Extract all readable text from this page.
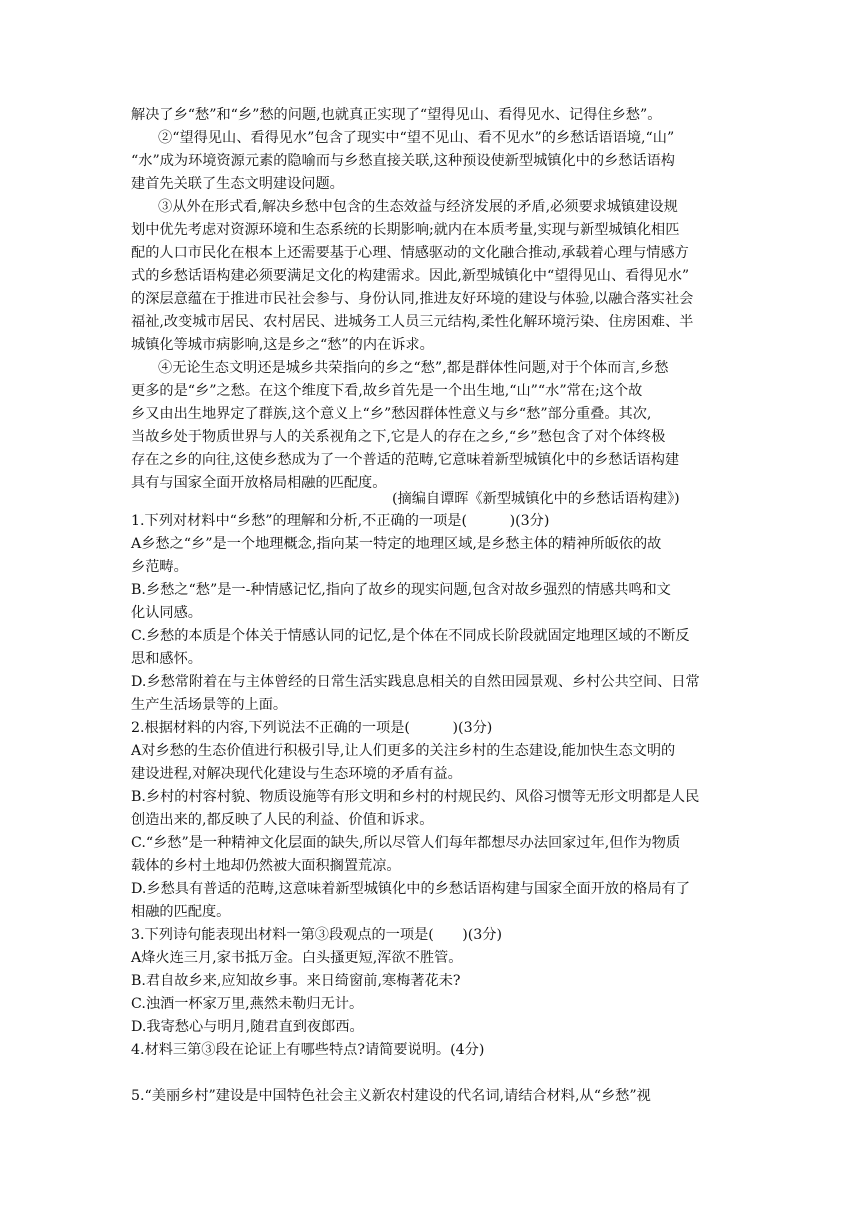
解决了乡“愁”和“乡”愁的问题,也就真正实现了“望得见山、看得见水、记得住乡愁”。
②“望得见山、看得见水”包含了现实中“望不见山、看不见水”的乡愁话语语境,“山”
“水”成为环境资源元素的隐喻而与乡愁直接关联,这种预设使新型城镇化中的乡愁话语构
建首先关联了生态文明建设问题。
③从外在形式看,解决乡愁中包含的生态效益与经济发展的矛盾,必须要求城镇建设规
划中优先考虑对资源环境和生态系统的长期影响;就内在本质考量,实现与新型城镇化相匹
配的人口市民化在根本上还需要基于心理、情感驱动的文化融合推动,承载着心理与情感方
式的乡愁话语构建必须要满足文化的构建需求。因此,新型城镇化中“望得见山、看得见水”
的深层意蕴在于推进市民社会参与、身份认同,推进友好环境的建设与体验,以融合落实社会
福祉,改变城市居民、农村居民、进城务工人员三元结构,柔性化解环境污染、住房困难、半
城镇化等城市病影响,这是乡之“愁”的内在诉求。
④无论生态文明还是城乡共荣指向的乡之“愁”,都是群体性问题,对于个体而言,乡愁
更多的是“乡”之愁。在这个维度下看,故乡首先是一个出生地,“山”“水”常在;这个故
乡又由出生地界定了群族,这个意义上“乡”愁因群体性意义与乡“愁”部分重叠。其次,
当故乡处于物质世界与人的关系视角之下,它是人的存在之乡,“乡”愁包含了对个体终极
存在之乡的向往,这使乡愁成为了一个普适的范畴,它意味着新型城镇化中的乡愁话语构建
具有与国家全面开放格局相融的匹配度。
(摘编自谭晖《新型城镇化中的乡愁话语构建》)
1.下列对材料中“乡愁”的理解和分析,不正确的一项是(　　　)(3分)
A乡愁之“乡”是一个地理概念,指向某一特定的地理区域,是乡愁主体的精神所皈依的故
乡范畴。
B.乡愁之“愁”是一-种情感记忆,指向了故乡的现实问题,包含对故乡强烈的情感共鸣和文
化认同感。
C.乡愁的本质是个体关于情感认同的记忆,是个体在不同成长阶段就固定地理区域的不断反
思和感怀。
D.乡愁常附着在与主体曾经的日常生活实践息息相关的自然田园景观、乡村公共空间、日常
生产生活场景等的上面。
2.根据材料的内容,下列说法不正确的一项是(　　　)(3分)
A对乡愁的生态价值进行积极引导,让人们更多的关注乡村的生态建设,能加快生态文明的
建设进程,对解决现代化建设与生态环境的矛盾有益。
B.乡村的村容村貌、物质设施等有形文明和乡村的村规民约、风俗习惯等无形文明都是人民
创造出来的,都反映了人民的利益、价值和诉求。
C.“乡愁”是一种精神文化层面的缺失,所以尽管人们每年都想尽办法回家过年,但作为物质
载体的乡村土地却仍然被大面积搁置荒凉。
D.乡愁具有普适的范畴,这意味着新型城镇化中的乡愁话语构建与国家全面开放的格局有了
相融的匹配度。
3.下列诗句能表现出材料一第③段观点的一项是(　　)(3分)
A烽火连三月,家书抵万金。白头搔更短,浑欲不胜管。
B.君自故乡来,应知故乡事。来日绮窗前,寒梅著花未?
C.浊酒一杯家万里,燕然未勒归无计。
D.我寄愁心与明月,随君直到夜郎西。
4.材料三第③段在论证上有哪些特点?请简要说明。(4分)
5.“美丽乡村”建设是中国特色社会主义新农村建设的代名词,请结合材料,从“乡愁”视
